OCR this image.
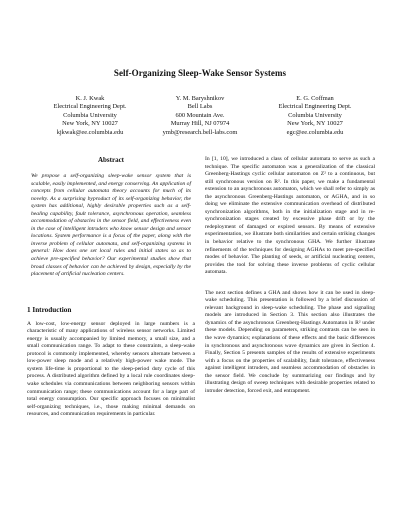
Self-Organizing Sleep-Wake Sensor Systems
K. J. Kwak
Electrical Engineering Dept.
Columbia University
New York, NY 10027
kjkwak@ee.columbia.edu
Y. M. Baryshnikov
Bell Labs
600 Mountain Ave.
Murray Hill, NJ 07974
ymb@research.bell-labs.com
E. G. Coffman
Electrical Engineering Dept.
Columbia University
New York, NY 10027
egc@ee.columbia.edu
Abstract

We propose a self-organizing sleep-wake sensor system that is scalable, easily implemented, and energy conserving. An application of concepts from cellular automata theory accounts for much of its novelty. As a surprising byproduct of its self-organizing behavior, the system has additional, highly desirable properties such as a self-healing capability, fault tolerance, asynchronous operation, seamless accommodation of obstacles in the sensor field, and effectiveness even in the case of intelligent intruders who know sensor design and sensor locations. System performance is a focus of the paper, along with the inverse problem of cellular automata, and self-organizing systems in general: How does one set local rules and initial states so as to achieve pre-specified behavior? Our experimental studies show that broad classes of behavior can be achieved by design, especially by the placement of artificial nucleation centers.

1 Introduction

A low-cost, low-energy sensor deployed in large numbers is a characteristic of many applications of wireless sensor networks. Limited energy is usually accompanied by limited memory, a small size, and a small communication range. To adapt to these constraints, a sleep-wake protocol is commonly implemented, whereby sensors alternate between a low-power sleep mode and a relatively high-power wake mode. The system life-time is proportional to the sleep-period duty cycle of this process. A distributed algorithm defined by a local rule coordinates sleep-wake schedules via communications between neighboring sensors within communication range; these communications account for a large part of total energy consumption. Our specific approach focuses on minimalist self-organizing techniques, i.e., those making minimal demands on resources, and communication requirements in particular.

In [1, 10], we introduced a class of cellular automata to serve as such a technique. The specific automaton was a generalization of the classical Greenberg-Hastings cyclic cellular automaton on Z² to a continuous, but still synchronous version on R². In this paper, we make a fundamental extension to an asynchronous automaton, which we shall refer to simply as the asynchronous Greenberg-Hastings automaton, or AGHA, and in so doing we eliminate the extensive communication overhead of distributed synchronization algorithms, both in the initialization stage and in re-synchronization stages created by excessive phase drift or by the redeployment of damaged or expired sensors. By means of extensive experimentation, we illustrate both similarities and certain striking changes in behavior relative to the synchronous GHA. We further illustrate refinements of the techniques for designing AGHAs to meet pre-specified modes of behavior. The planting of seeds, or artificial nucleating centers, provides the tool for solving these inverse problems of cyclic cellular automata.

The next section defines a GHA and shows how it can be used in sleep-wake scheduling. This presentation is followed by a brief discussion of relevant background in sleep-wake scheduling. The phase and signaling models are introduced in Section 3. This section also illustrates the dynamics of the asynchronous Greenberg-Hastings Automaton in R² under these models. Depending on parameters, striking contrasts can be seen in the wave dynamics; explanations of these effects and the basic differences in synchronous and asynchronous wave dynamics are given in Section 4. Finally, Section 5 presents samples of the results of extensive experiments with a focus on the properties of scalability, fault tolerance, effectiveness against intelligent intruders, and seamless accommodation of obstacles in the sensor field. We conclude by summarizing our findings and by illustrating design of sweep techniques with desirable properties related to intruder detection, forced exit, and entrapment.
